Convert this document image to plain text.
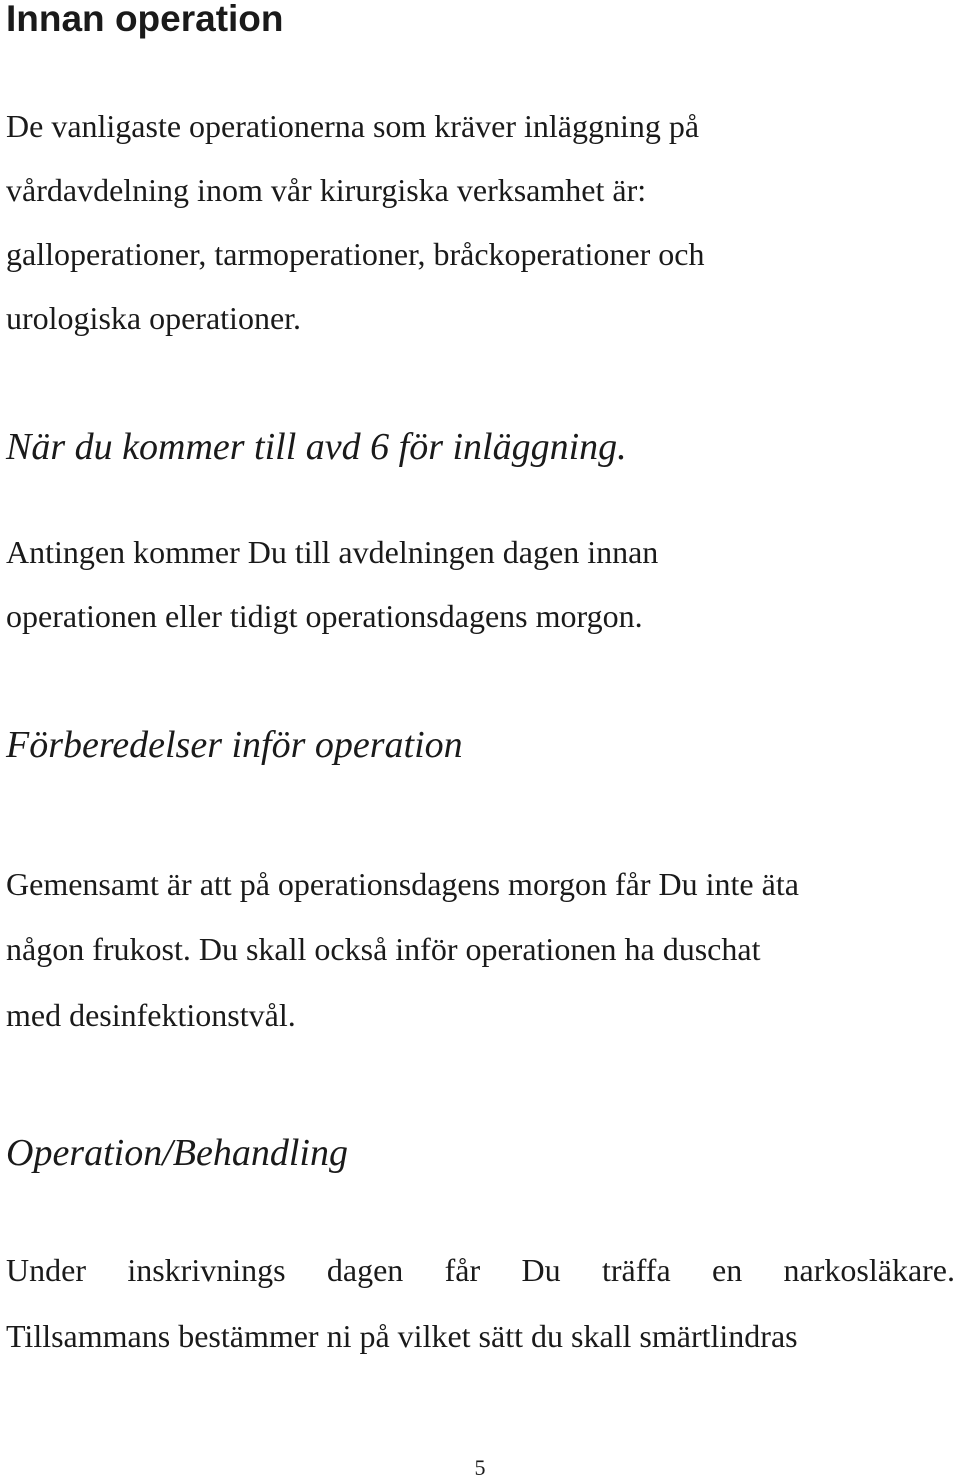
Innan operation

De vanligaste operationerna som kräver inläggning på

vårdavdelning inom vår kirurgiska verksamhet är:

galloperationer, tarmoperationer, bråckoperationer och

urologiska operationer.

När du kommer till avd 6 för inläggning.

Antingen kommer Du till avdelningen dagen innan

operationen eller tidigt operationsdagens morgon.

Förberedelser inför operation

Gemensamt är att på operationsdagens morgon får Du inte äta

någon frukost. Du skall också inför operationen ha duschat

med desinfektionstvål.

Operation/Behandling

Under inskrivnings dagen får Du träffa en narkosläkare.

Tillsammans bestämmer ni på vilket sätt du skall smärtlindras

5
